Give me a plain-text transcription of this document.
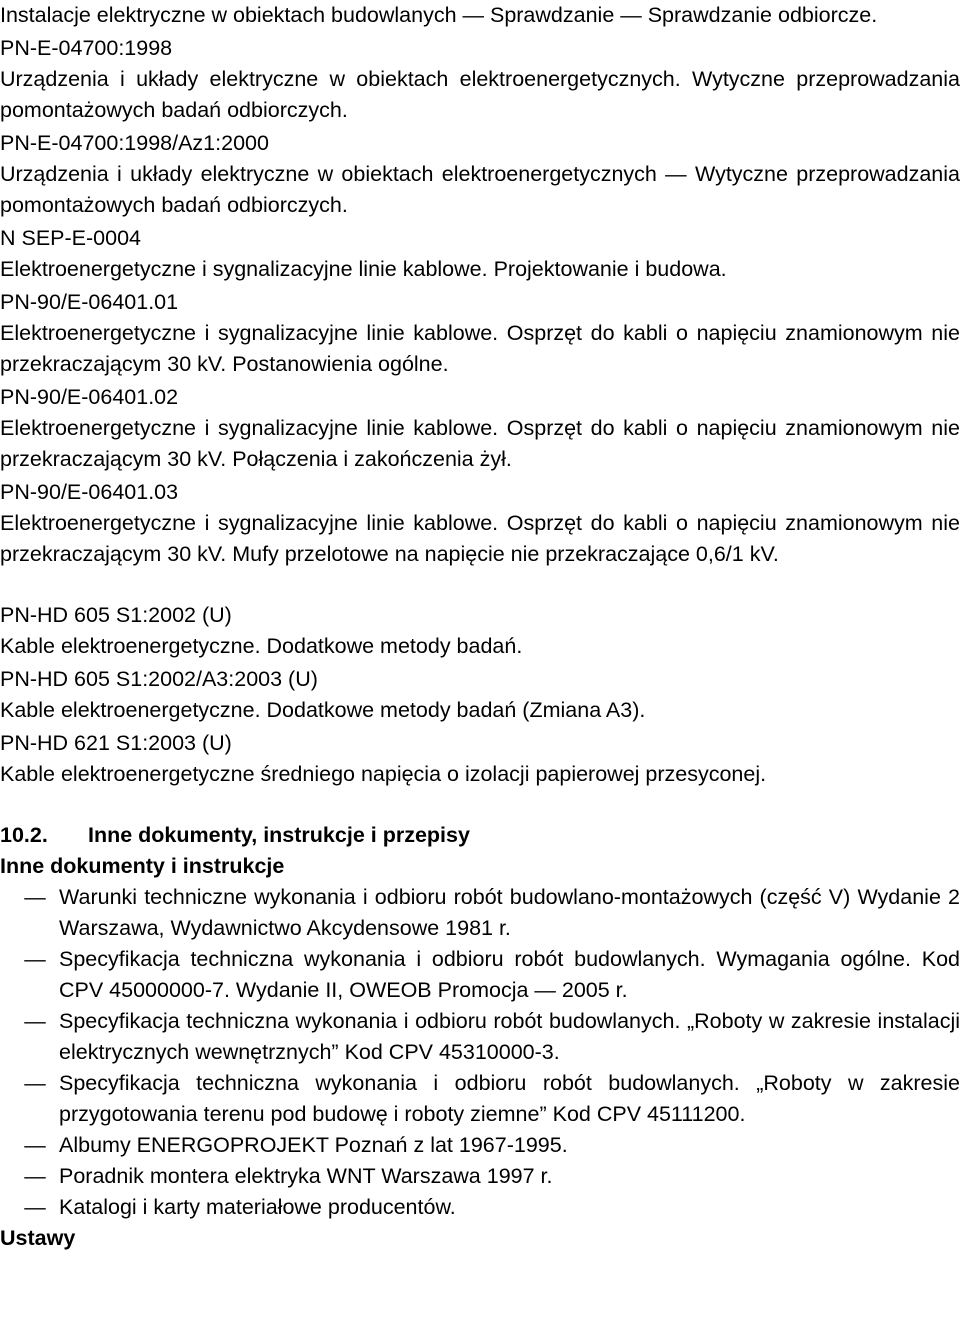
Instalacje elektryczne w obiektach budowlanych — Sprawdzanie — Sprawdzanie odbiorcze.

PN-E-04700:1998

Urządzenia i układy elektryczne w obiektach elektroenergetycznych. Wytyczne przeprowadzania pomontażowych badań odbiorczych.

PN-E-04700:1998/Az1:2000

Urządzenia i układy elektryczne w obiektach elektroenergetycznych — Wytyczne przeprowadzania pomontażowych badań odbiorczych.

N SEP-E-0004

Elektroenergetyczne i sygnalizacyjne linie kablowe. Projektowanie i budowa.

PN-90/E-06401.01

Elektroenergetyczne i sygnalizacyjne linie kablowe. Osprzęt do kabli o napięciu znamionowym nie przekraczającym 30 kV. Postanowienia ogólne.

PN-90/E-06401.02

Elektroenergetyczne i sygnalizacyjne linie kablowe. Osprzęt do kabli o napięciu znamionowym nie przekraczającym 30 kV. Połączenia i zakończenia żył.

PN-90/E-06401.03

Elektroenergetyczne i sygnalizacyjne linie kablowe. Osprzęt do kabli o napięciu znamionowym nie przekraczającym 30 kV. Mufy przelotowe na napięcie nie przekraczające 0,6/1 kV.

PN-HD 605 S1:2002 (U)

Kable elektroenergetyczne. Dodatkowe metody badań.

PN-HD 605 S1:2002/A3:2003 (U)

Kable elektroenergetyczne. Dodatkowe metody badań (Zmiana A3).

PN-HD 621 S1:2003 (U)

Kable elektroenergetyczne średniego napięcia o izolacji papierowej przesyconej.

10.2. Inne dokumenty, instrukcje i przepisy

Inne dokumenty i instrukcje

— Warunki techniczne wykonania i odbioru robót budowlano-montażowych (część V) Wydanie 2 Warszawa, Wydawnictwo Akcydensowe 1981 r.
— Specyfikacja techniczna wykonania i odbioru robót budowlanych. Wymagania ogólne. Kod CPV 45000000-7. Wydanie II, OWEOB Promocja — 2005 r.
— Specyfikacja techniczna wykonania i odbioru robót budowlanych. „Roboty w zakresie instalacji elektrycznych wewnętrznych” Kod CPV 45310000-3.
— Specyfikacja techniczna wykonania i odbioru robót budowlanych. „Roboty w zakresie przygotowania terenu pod budowę i roboty ziemne” Kod CPV 45111200.
— Albumy ENERGOPROJEKT Poznań z lat 1967-1995.
— Poradnik montera elektryka WNT Warszawa 1997 r.
— Katalogi i karty materiałowe producentów.

Ustawy
